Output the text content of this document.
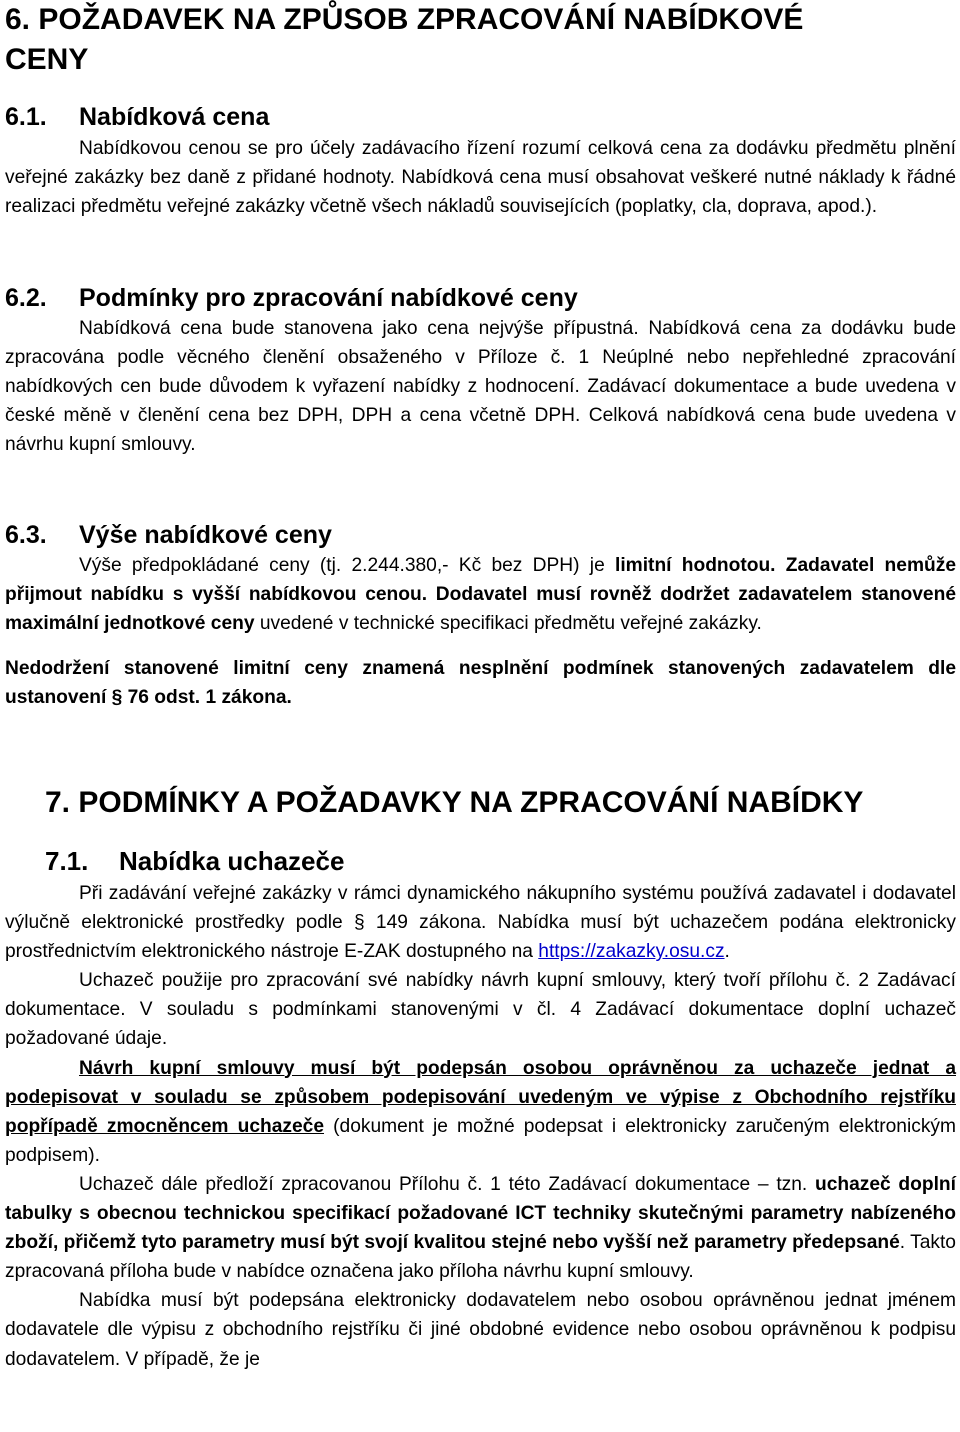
6. POŽADAVEK NA ZPŮSOB ZPRACOVÁNÍ NABÍDKOVÉ
CENY
6.1. Nabídková cena

Nabídkovou cenou se pro účely zadávacího řízení rozumí celková cena za dodávku předmětu plnění veřejné zakázky bez daně z přidané hodnoty. Nabídková cena musí obsahovat veškeré nutné náklady k řádné realizaci předmětu veřejné zakázky včetně všech nákladů souvisejících (poplatky, cla, doprava, apod.).

6.2. Podmínky pro zpracování nabídkové ceny

Nabídková cena bude stanovena jako cena nejvýše přípustná. Nabídková cena za dodávku bude zpracována podle věcného členění obsaženého v Příloze č. 1 Neúplné nebo nepřehledné zpracování nabídkových cen bude důvodem k vyřazení nabídky z hodnocení. Zadávací dokumentace a bude uvedena v české měně v členění cena bez DPH, DPH a cena včetně DPH. Celková nabídková cena bude uvedena v návrhu kupní smlouvy.

6.3. Výše nabídkové ceny

Výše předpokládané ceny (tj. 2.244.380,- Kč bez DPH) je limitní hodnotou. Zadavatel nemůže přijmout nabídku s vyšší nabídkovou cenou. Dodavatel musí rovněž dodržet zadavatelem stanovené maximální jednotkové ceny uvedené v technické specifikaci předmětu veřejné zakázky.

Nedodržení stanovené limitní ceny znamená nesplnění podmínek stanovených zadavatelem dle ustanovení § 76 odst. 1 zákona.

7. PODMÍNKY A POŽADAVKY NA ZPRACOVÁNÍ NABÍDKY
7.1. Nabídka uchazeče

Při zadávání veřejné zakázky v rámci dynamického nákupního systému používá zadavatel i dodavatel výlučně elektronické prostředky podle § 149 zákona. Nabídka musí být uchazečem podána elektronicky prostřednictvím elektronického nástroje E-ZAK dostupného na https://zakazky.osu.cz.

Uchazeč použije pro zpracování své nabídky návrh kupní smlouvy, který tvoří přílohu č. 2 Zadávací dokumentace. V souladu s podmínkami stanovenými v čl. 4 Zadávací dokumentace doplní uchazeč požadované údaje.

Návrh kupní smlouvy musí být podepsán osobou oprávněnou za uchazeče jednat a podepisovat v souladu se způsobem podepisování uvedeným ve výpise z Obchodního rejstříku popřípadě zmocněncem uchazeče (dokument je možné podepsat i elektronicky zaručeným elektronickým podpisem).

Uchazeč dále předloží zpracovanou Přílohu č. 1 této Zadávací dokumentace – tzn. uchazeč doplní tabulky s obecnou technickou specifikací požadované ICT techniky skutečnými parametry nabízeného zboží, přičemž tyto parametry musí být svojí kvalitou stejné nebo vyšší než parametry předepsané. Takto zpracovaná příloha bude v nabídce označena jako příloha návrhu kupní smlouvy.

Nabídka musí být podepsána elektronicky dodavatelem nebo osobou oprávněnou jednat jménem dodavatele dle výpisu z obchodního rejstříku či jiné obdobné evidence nebo osobou oprávněnou k podpisu dodavatelem. V případě, že je
